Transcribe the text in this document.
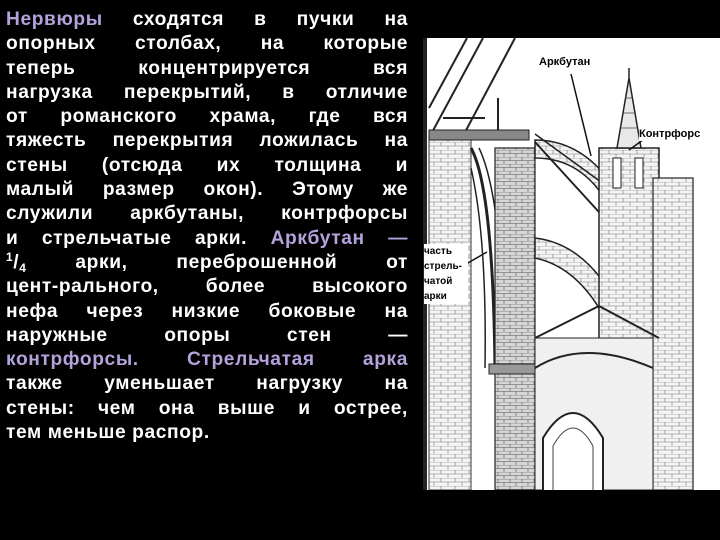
Нервюры сходятся в пучки на
опорных столбах, на которые
теперь концентрируется вся
нагрузка перекрытий, в отличие
от романского храма, где вся
тяжесть перекрытия ложилась на
стены (отсюда их толщина и
малый размер окон). Этому же
служили аркбутаны, контрфорсы
и стрельчатые арки. Аркбутан —
$^1/_4$ арки, переброшенной от
цент-рального, более высокого
нефа через низкие боковые на
наружные опоры стен —
контрфорсы. Стрельчатая арка
также уменьшает нагрузку на
стены: чем она выше и острее,
тем меньше распор.
Аркбутан
Контрфорс
часть
стрель-
чатой
арки
